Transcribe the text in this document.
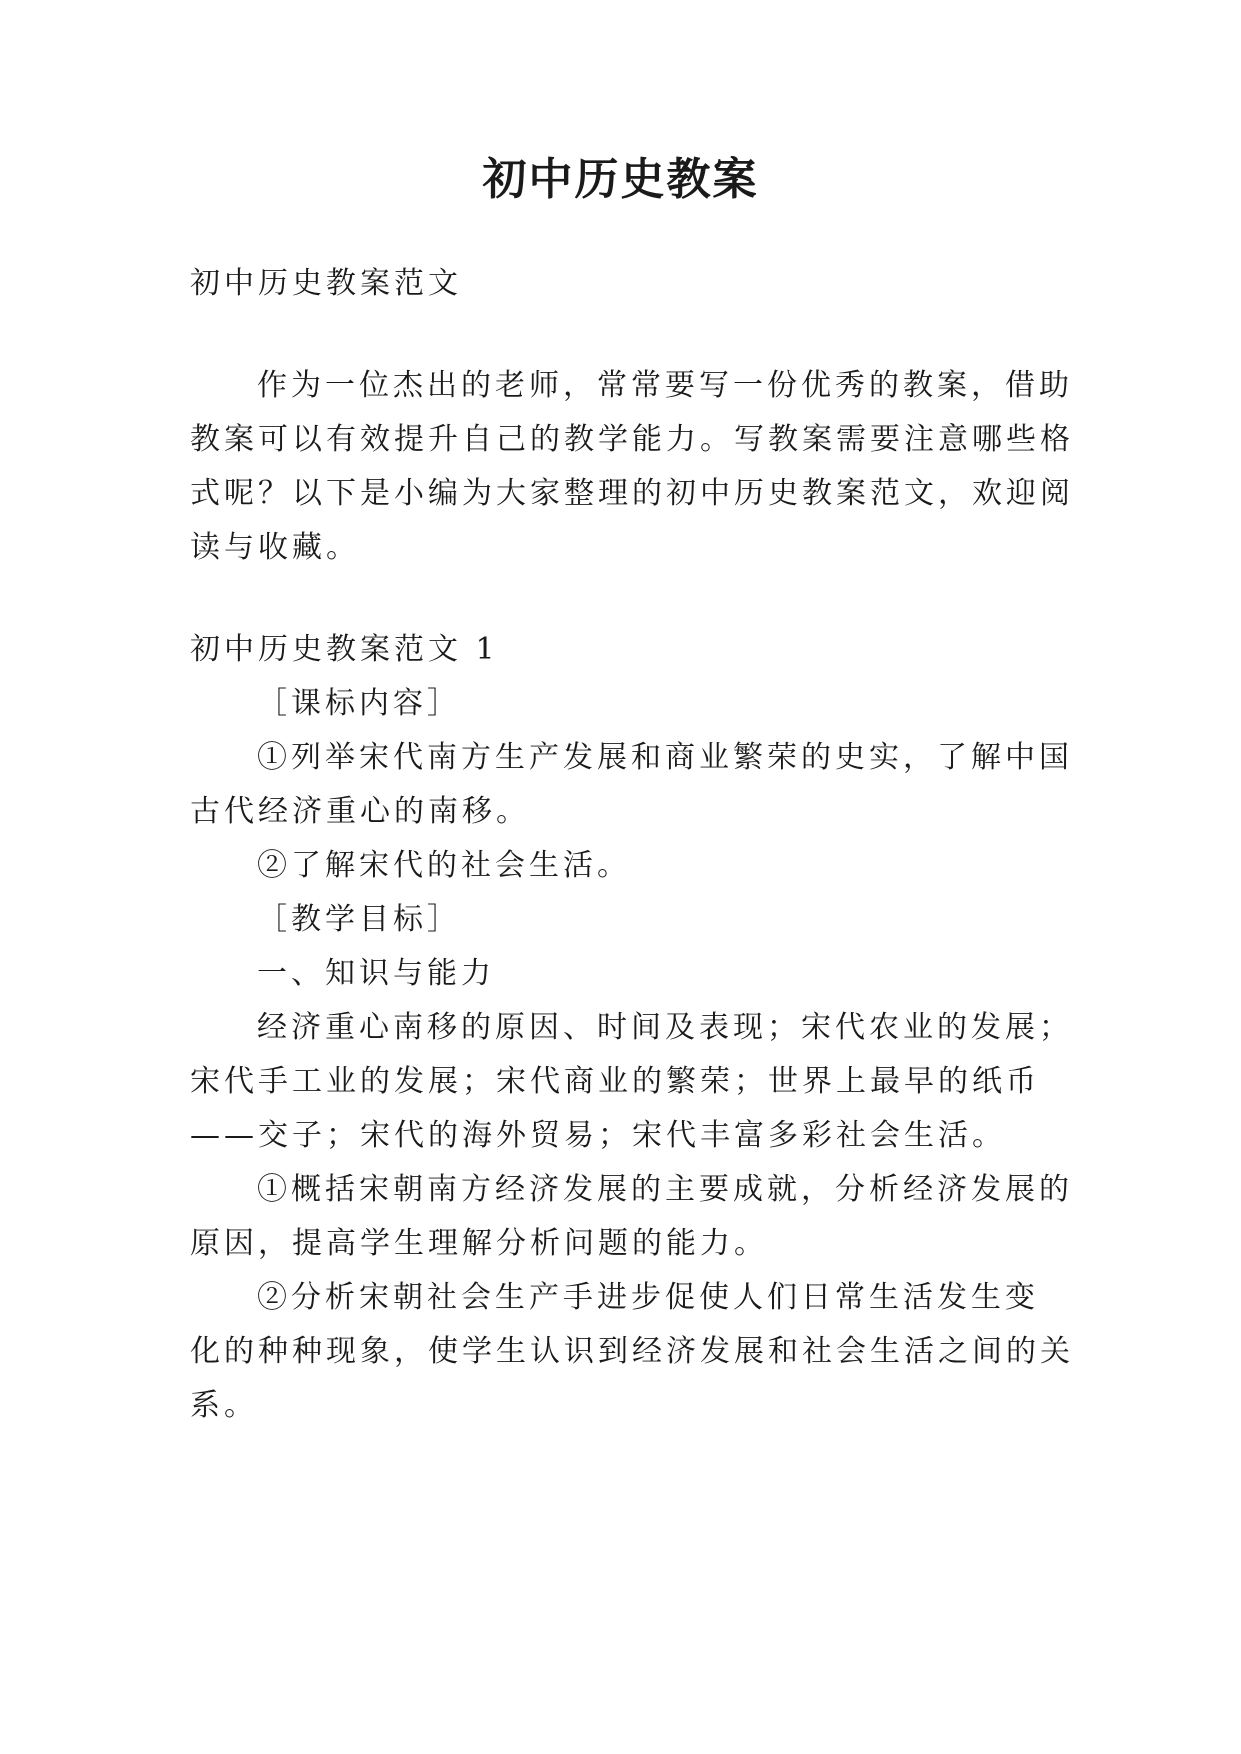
初中历史教案

初中历史教案范文

作为一位杰出的老师，常常要写一份优秀的教案，借助

教案可以有效提升自己的教学能力。写教案需要注意哪些格

式呢？以下是小编为大家整理的初中历史教案范文，欢迎阅

读与收藏。

初中历史教案范文 1

［课标内容］

①列举宋代南方生产发展和商业繁荣的史实，了解中国

古代经济重心的南移。

②了解宋代的社会生活。

［教学目标］

一、知识与能力

经济重心南移的原因、时间及表现；宋代农业的发展；

宋代手工业的发展；宋代商业的繁荣；世界上最早的纸币

——交子；宋代的海外贸易；宋代丰富多彩社会生活。

①概括宋朝南方经济发展的主要成就，分析经济发展的

原因，提高学生理解分析问题的能力。

②分析宋朝社会生产手进步促使人们日常生活发生变

化的种种现象，使学生认识到经济发展和社会生活之间的关

系。
